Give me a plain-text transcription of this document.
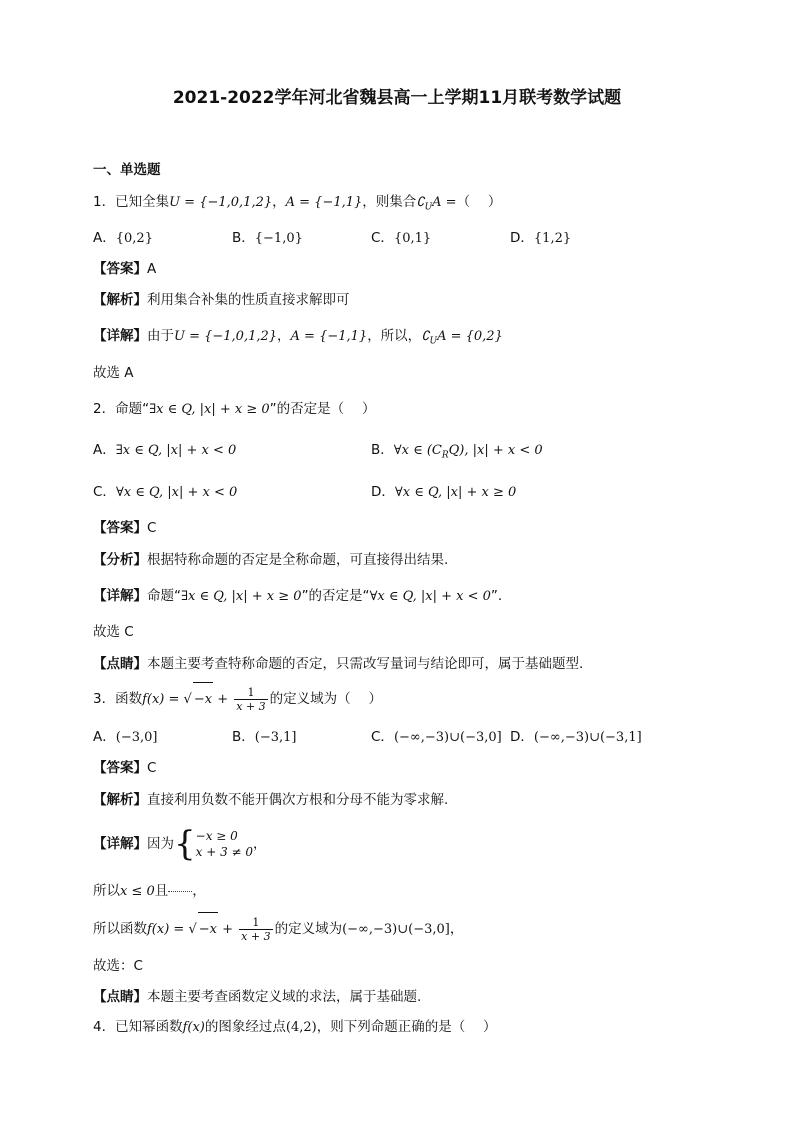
2021-2022学年河北省魏县高一上学期11月联考数学试题
一、单选题
1．已知全集U = {−1,0,1,2}，A = {−1,1}，则集合$∁_UA$ =（　 ）
A．{0,2}	B．{−1,0}	C．{0,1}	D．{1,2}
【答案】A
【解析】利用集合补集的性质直接求解即可
【详解】由于U = {−1,0,1,2}，A = {−1,1}，所以，$∁_UA = \{0,2\}$
故选 A
2．命题“∃x ∈ Q, |x| + x ≥ 0”的否定是（　 ）
A．∃x ∈ Q, |x| + x < 0	B．∀x ∈ $(C_RQ)$, |x| + x < 0
C．∀x ∈ Q, |x| + x < 0	D．∀x ∈ Q, |x| + x ≥ 0
【答案】C
【分析】根据特称命题的否定是全称命题，可直接得出结果.
【详解】命题“∃x ∈ Q, |x| + x ≥ 0”的否定是“∀x ∈ Q, |x| + x < 0”.
故选 C
【点睛】本题主要考查特称命题的否定，只需改写量词与结论即可，属于基础题型.
3．函数f(x) = √ $-x + \frac{1}{x + 3}$ 的定义域为（　 ）
A．(−3,0]	B．(−3,1]	C．(−∞,−3)∪(−3,0] D．(−∞,−3)∪(−3,1]
【答案】C
【解析】直接利用负数不能开偶次方根和分母不能为零求解.
【详解】因为{ −x ≥ 0
x + 3 ≠ 0 ，
所以x ≤ 0且 ，
所以函数f(x) = √ $-x + \frac{1}{x + 3}$ 的定义域为(−∞,−3)∪(−3,0]，
故选：C
【点睛】本题主要考查函数定义域的求法，属于基础题.
4．已知幂函数f(x)的图象经过点(4,2)，则下列命题正确的是（　 ）
